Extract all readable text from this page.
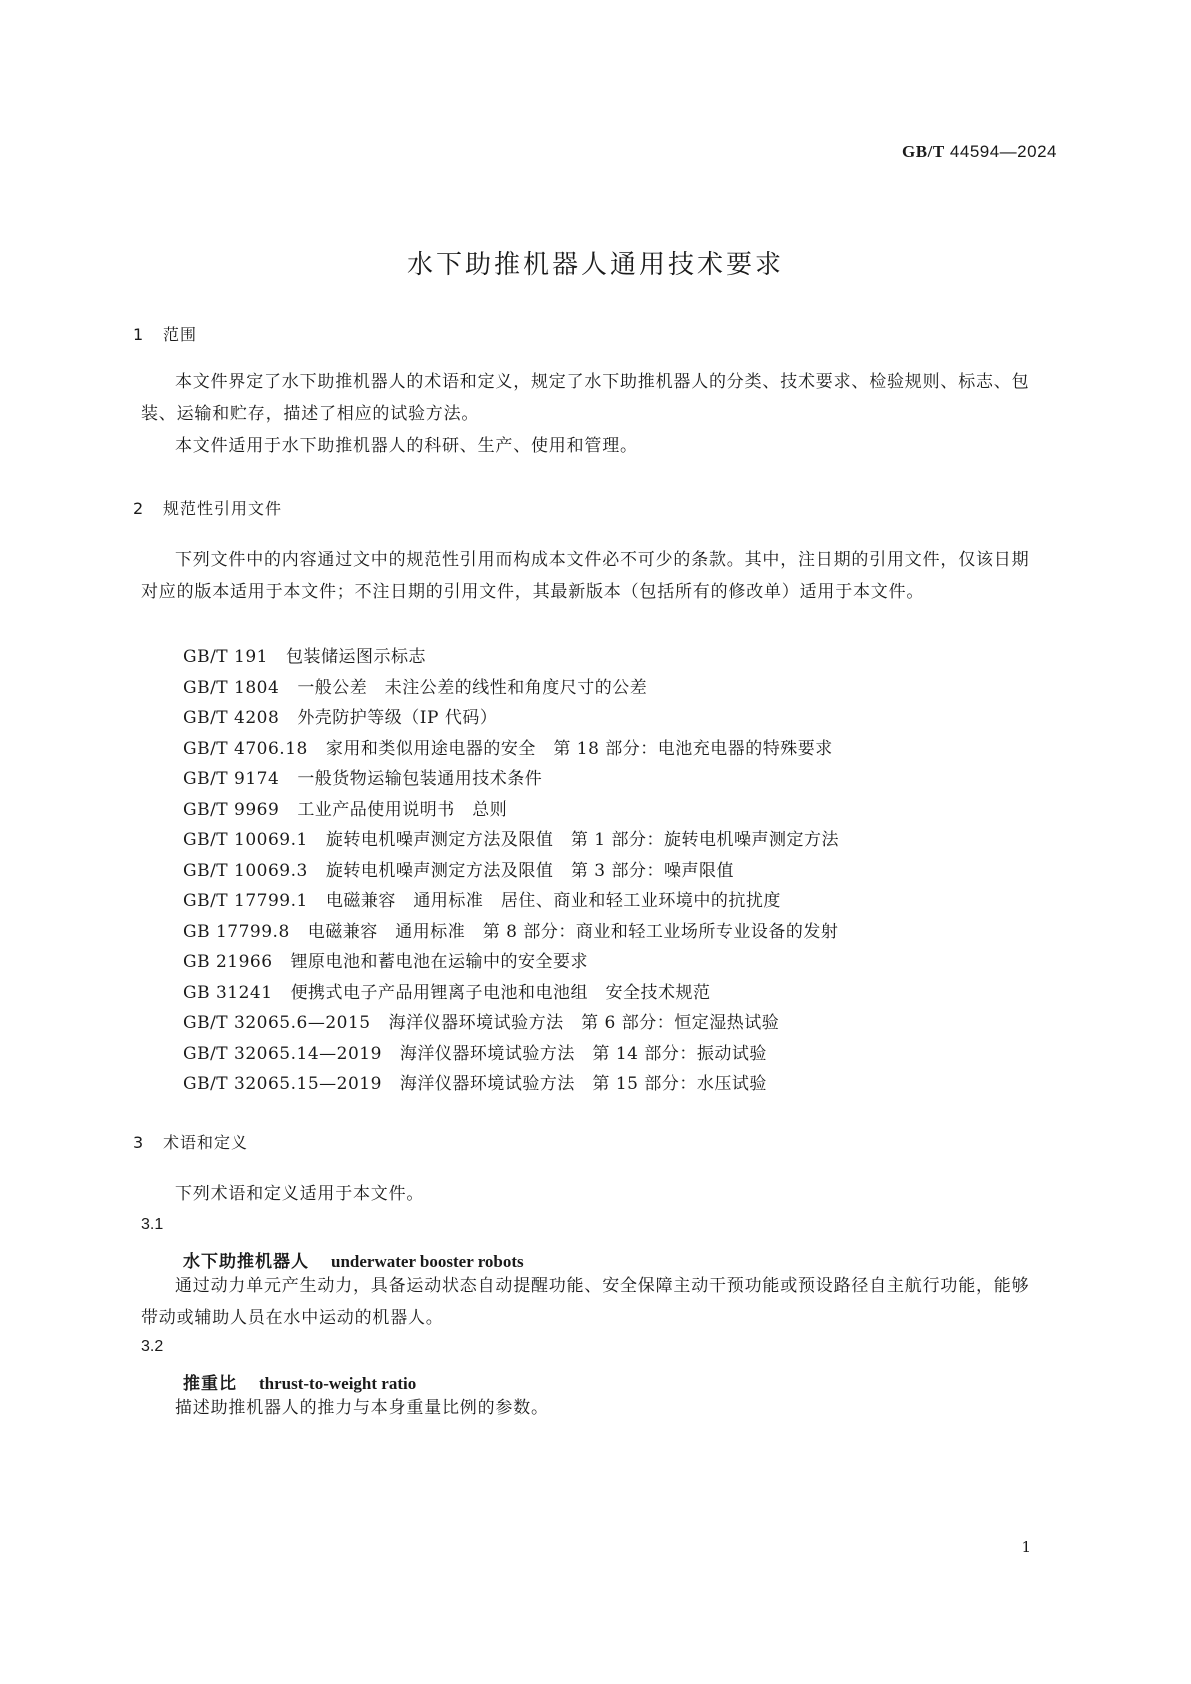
GB/T 44594—2024
水下助推机器人通用技术要求
1 范围
本文件界定了水下助推机器人的术语和定义，规定了水下助推机器人的分类、技术要求、检验规则、标志、包装、运输和贮存，描述了相应的试验方法。
本文件适用于水下助推机器人的科研、生产、使用和管理。
2 规范性引用文件
下列文件中的内容通过文中的规范性引用而构成本文件必不可少的条款。其中，注日期的引用文件，仅该日期对应的版本适用于本文件；不注日期的引用文件，其最新版本（包括所有的修改单）适用于本文件。
GB/T 191 包装储运图示标志
GB/T 1804 一般公差　未注公差的线性和角度尺寸的公差
GB/T 4208 外壳防护等级（IP 代码）
GB/T 4706.18 家用和类似用途电器的安全　第 18 部分：电池充电器的特殊要求
GB/T 9174 一般货物运输包装通用技术条件
GB/T 9969 工业产品使用说明书　总则
GB/T 10069.1 旋转电机噪声测定方法及限值　第 1 部分：旋转电机噪声测定方法
GB/T 10069.3 旋转电机噪声测定方法及限值　第 3 部分：噪声限值
GB/T 17799.1 电磁兼容　通用标准　居住、商业和轻工业环境中的抗扰度
GB 17799.8 电磁兼容　通用标准　第 8 部分：商业和轻工业场所专业设备的发射
GB 21966 锂原电池和蓄电池在运输中的安全要求
GB 31241 便携式电子产品用锂离子电池和电池组　安全技术规范
GB/T 32065.6—2015 海洋仪器环境试验方法　第 6 部分：恒定湿热试验
GB/T 32065.14—2019 海洋仪器环境试验方法　第 14 部分：振动试验
GB/T 32065.15—2019 海洋仪器环境试验方法　第 15 部分：水压试验
3 术语和定义
下列术语和定义适用于本文件。
3.1
水下助推机器人 underwater booster robots
通过动力单元产生动力，具备运动状态自动提醒功能、安全保障主动干预功能或预设路径自主航行功能，能够带动或辅助人员在水中运动的机器人。
3.2
推重比 thrust-to-weight ratio
描述助推机器人的推力与本身重量比例的参数。
1
